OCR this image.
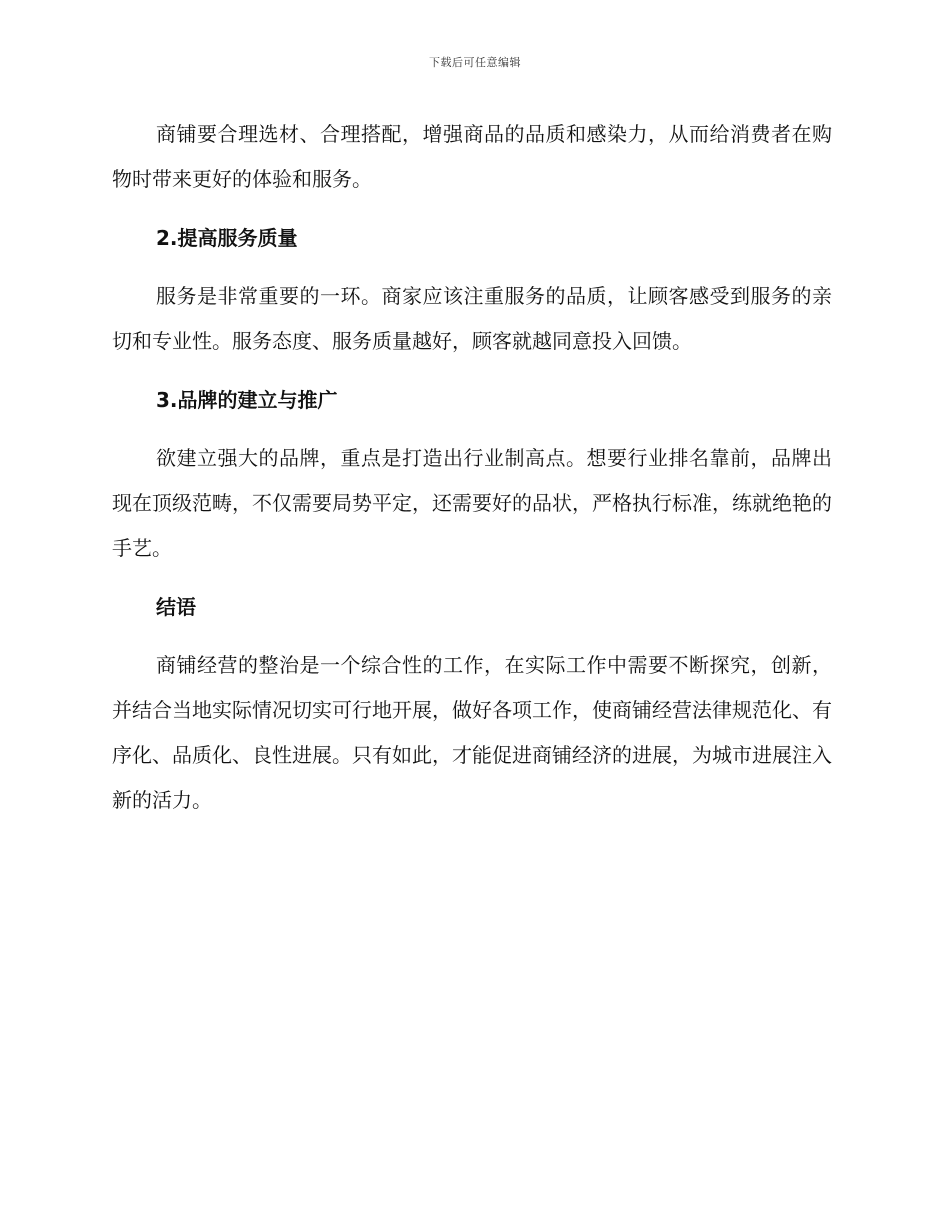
下载后可任意编辑

商铺要合理选材、合理搭配，增强商品的品质和感染力，从而给消费者在购物时带来更好的体验和服务。

2.提高服务质量

服务是非常重要的一环。商家应该注重服务的品质，让顾客感受到服务的亲切和专业性。服务态度、服务质量越好，顾客就越同意投入回馈。

3.品牌的建立与推广

欲建立强大的品牌，重点是打造出行业制高点。想要行业排名靠前，品牌出现在顶级范畴，不仅需要局势平定，还需要好的品状，严格执行标准，练就绝艳的手艺。

结语

商铺经营的整治是一个综合性的工作，在实际工作中需要不断探究，创新，并结合当地实际情况切实可行地开展，做好各项工作，使商铺经营法律规范化、有序化、品质化、良性进展。只有如此，才能促进商铺经济的进展，为城市进展注入新的活力。
